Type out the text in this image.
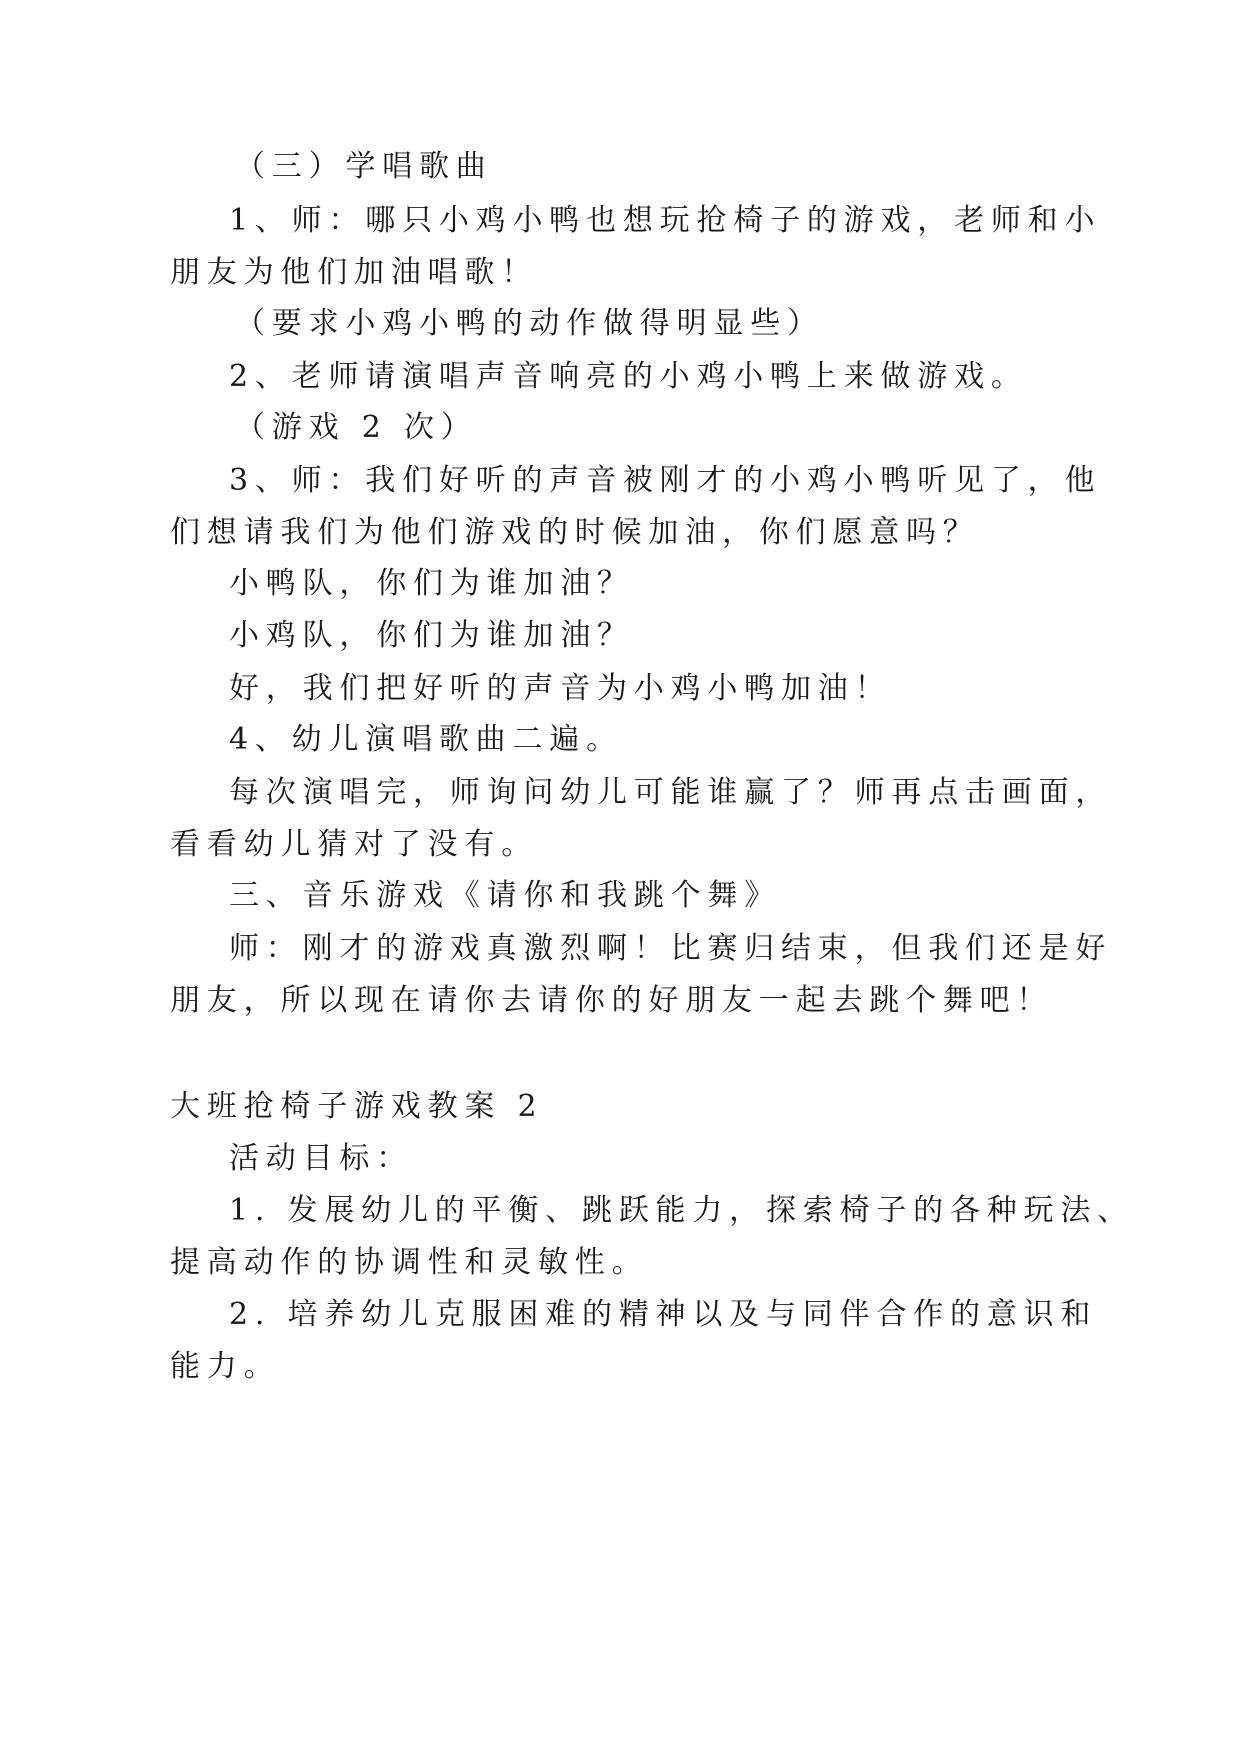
（三）学唱歌曲

1、师：哪只小鸡小鸭也想玩抢椅子的游戏，老师和小

朋友为他们加油唱歌！

（要求小鸡小鸭的动作做得明显些）

2、老师请演唱声音响亮的小鸡小鸭上来做游戏。

（游戏 2 次）

3、师：我们好听的声音被刚才的小鸡小鸭听见了，他

们想请我们为他们游戏的时候加油，你们愿意吗？

小鸭队，你们为谁加油？

小鸡队，你们为谁加油？

好，我们把好听的声音为小鸡小鸭加油！

4、幼儿演唱歌曲二遍。

每次演唱完，师询问幼儿可能谁赢了？师再点击画面，

看看幼儿猜对了没有。

三、音乐游戏《请你和我跳个舞》

师：刚才的游戏真激烈啊！比赛归结束，但我们还是好

朋友，所以现在请你去请你的好朋友一起去跳个舞吧！

大班抢椅子游戏教案 2

活动目标：

1. 发展幼儿的平衡、跳跃能力，探索椅子的各种玩法、

提高动作的协调性和灵敏性。

2. 培养幼儿克服困难的精神以及与同伴合作的意识和

能力。
